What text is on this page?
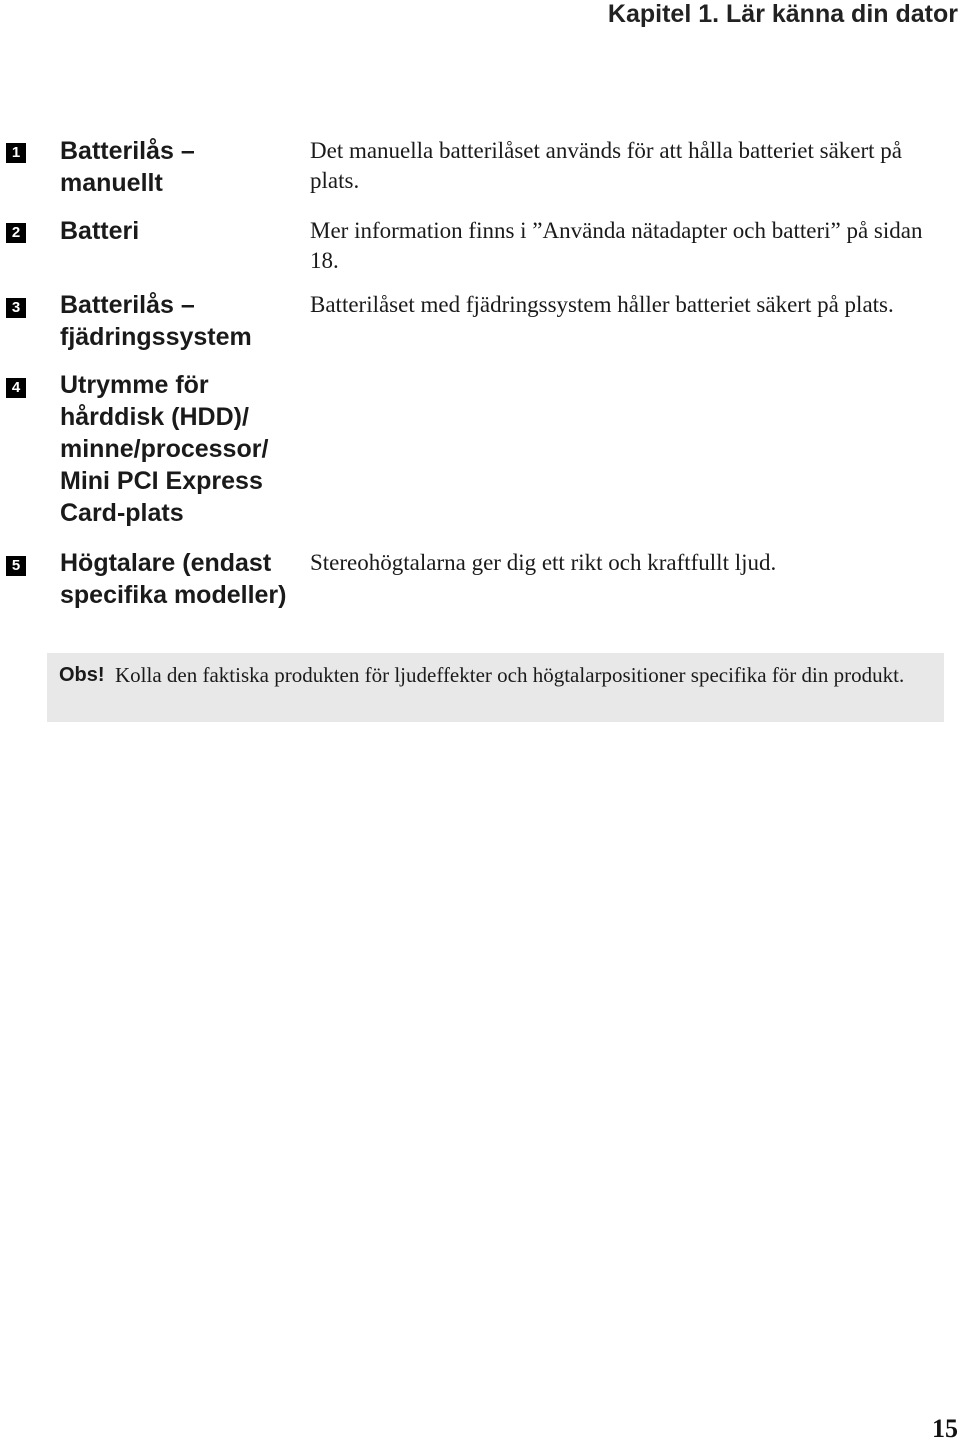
Kapitel 1. Lär känna din dator
1 Batterilås – manuellt
Det manuella batterilåset används för att hålla batteriet säkert på plats.
2 Batteri	Mer information finns i ”Använda nätadapter och batteri” på sidan 18.
3 Batterilås – fjädringssystem
Batterilåset med fjädringssystem håller batteriet säkert på plats.
4 Utrymme för hårddisk (HDD)/ minne/processor/ Mini PCI Express Card-plats
5 Högtalare (endast specifika modeller)
Stereohögtalarna ger dig ett rikt och kraftfullt ljud.
Obs! Kolla den faktiska produkten för ljudeffekter och högtalarpositioner specifika för din produkt.
15
